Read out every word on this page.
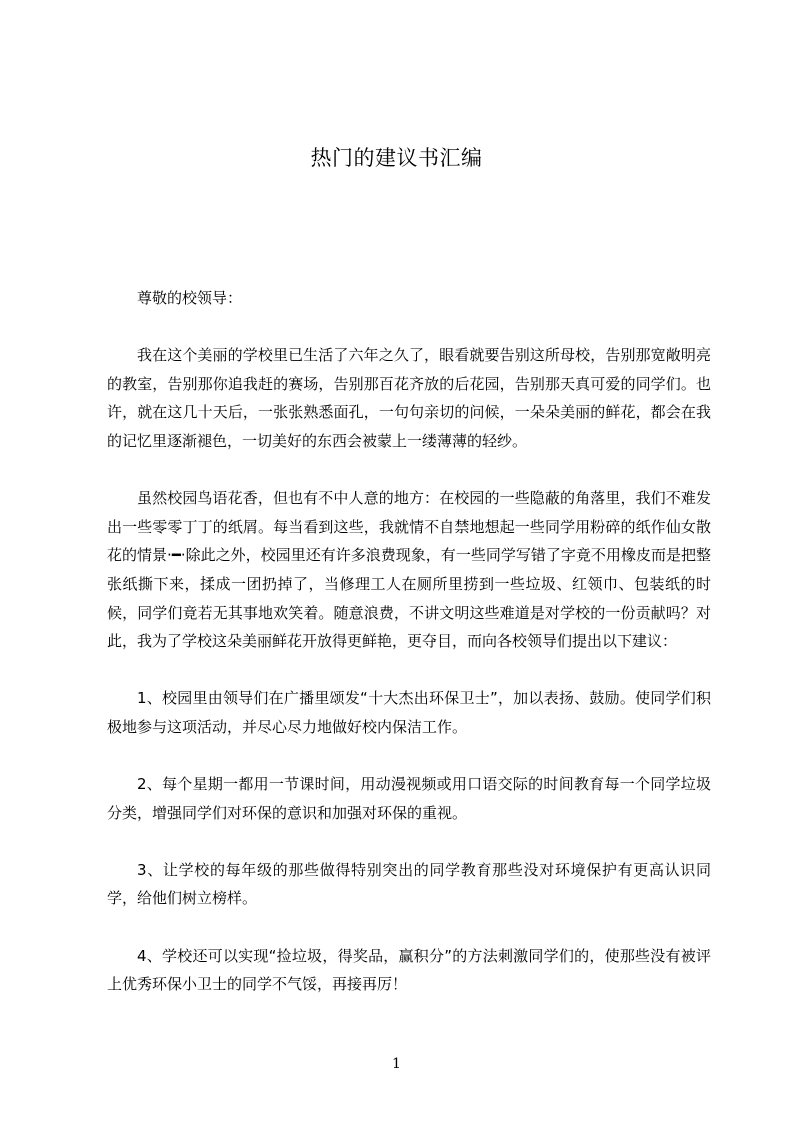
热门的建议书汇编

尊敬的校领导：

我在这个美丽的学校里已生活了六年之久了，眼看就要告别这所母校，告别那宽敞明亮的教室，告别那你追我赶的赛场，告别那百花齐放的后花园，告别那天真可爱的同学们。也许，就在这几十天后，一张张熟悉面孔，一句句亲切的问候，一朵朵美丽的鲜花，都会在我的记忆里逐渐褪色，一切美好的东西会被蒙上一缕薄薄的轻纱。

虽然校园鸟语花香，但也有不中人意的地方：在校园的一些隐蔽的角落里，我们不难发出一些零零丁丁的纸屑。每当看到这些，我就情不自禁地想起一些同学用粉碎的纸作仙女散花的情景·━·除此之外，校园里还有许多浪费现象，有一些同学写错了字竟不用橡皮而是把整张纸撕下来，揉成一团扔掉了，当修理工人在厕所里捞到一些垃圾、红领巾、包装纸的时候，同学们竟若无其事地欢笑着。随意浪费，不讲文明这些难道是对学校的一份贡献吗？对此，我为了学校这朵美丽鲜花开放得更鲜艳，更夺目，而向各校领导们提出以下建议：

1、校园里由领导们在广播里颂发“十大杰出环保卫士”，加以表扬、鼓励。使同学们积极地参与这项活动，并尽心尽力地做好校内保洁工作。

2、每个星期一都用一节课时间，用动漫视频或用口语交际的时间教育每一个同学垃圾分类，增强同学们对环保的意识和加强对环保的重视。

3、让学校的每年级的那些做得特别突出的同学教育那些没对环境保护有更高认识同学，给他们树立榜样。

4、学校还可以实现“捡垃圾，得奖品，赢积分”的方法刺激同学们的，使那些没有被评上优秀环保小卫士的同学不气馁，再接再厉！

1
